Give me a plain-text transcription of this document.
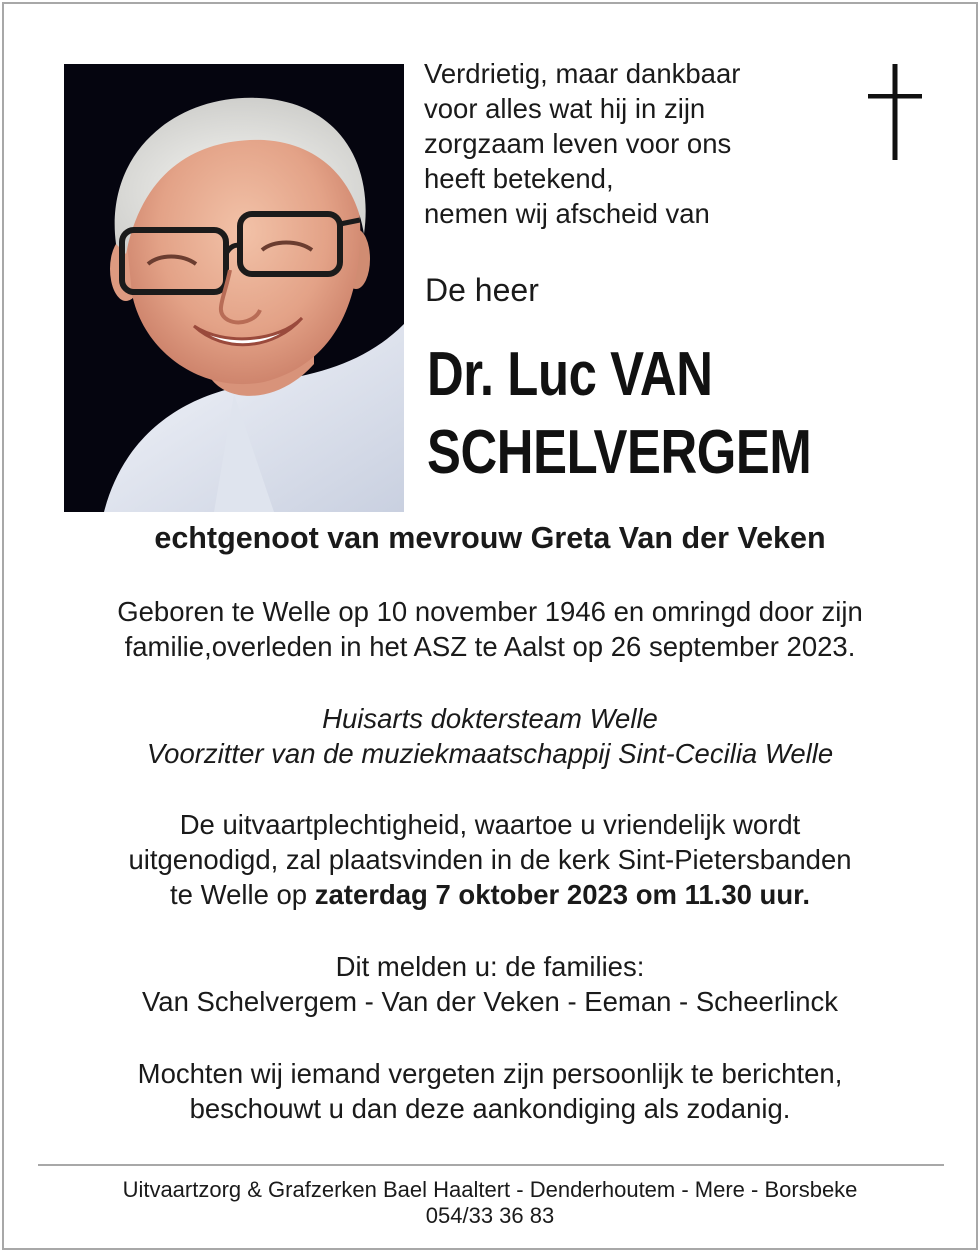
Verdrietig, maar dankbaar
voor alles wat hij in zijn
zorgzaam leven voor ons
heeft betekend,
nemen wij afscheid van
De heer
Dr. Luc VAN
SCHELVERGEM
echtgenoot van mevrouw Greta Van der Veken
Geboren te Welle op 10 november 1946 en omringd door zijn
familie,overleden in het ASZ te Aalst op 26 september 2023.
Huisarts doktersteam Welle
Voorzitter van de muziekmaatschappij Sint-Cecilia Welle
De uitvaartplechtigheid, waartoe u vriendelijk wordt
uitgenodigd, zal plaatsvinden in de kerk Sint-Pietersbanden
te Welle op zaterdag 7 oktober 2023 om 11.30 uur.
Dit melden u: de families:
Van Schelvergem - Van der Veken - Eeman - Scheerlinck
Mochten wij iemand vergeten zijn persoonlijk te berichten,
beschouwt u dan deze aankondiging als zodanig.
Uitvaartzorg & Grafzerken Bael Haaltert - Denderhoutem - Mere - Borsbeke
054/33 36 83
